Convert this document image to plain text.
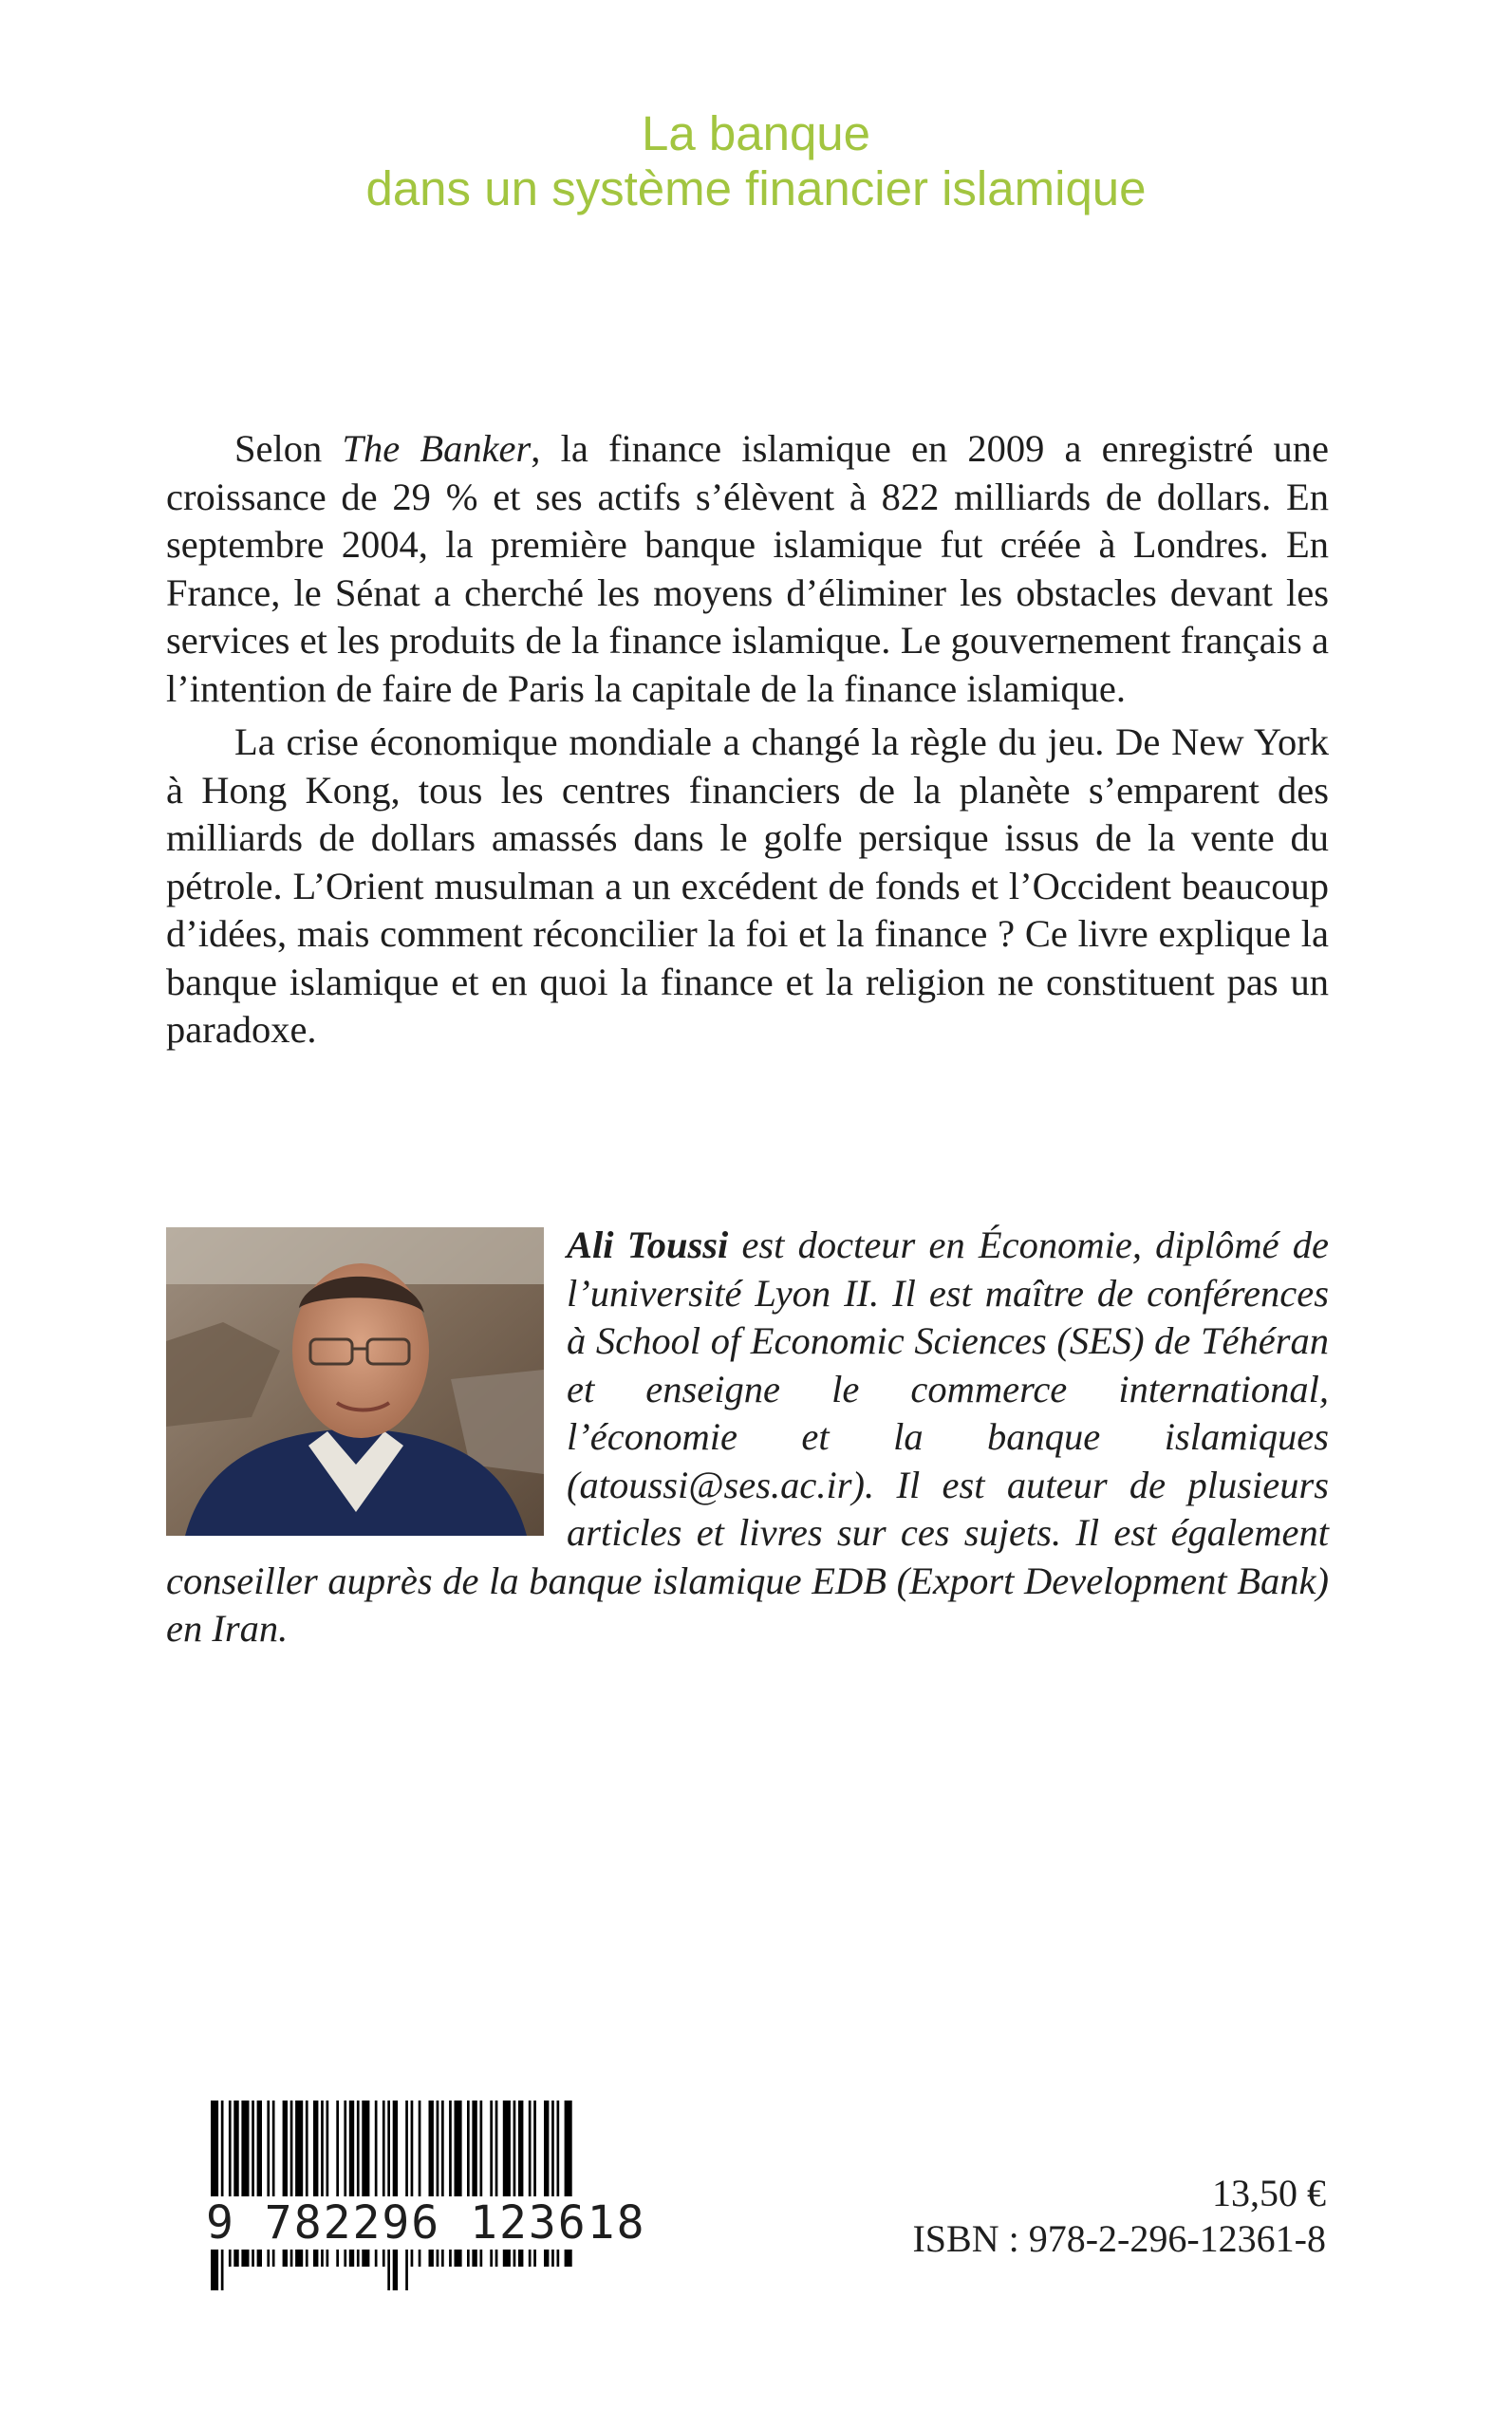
La banque
dans un système financier islamique

Selon The Banker, la finance islamique en 2009 a enregistré une croissance de 29 % et ses actifs s’élèvent à 822 milliards de dollars. En septembre 2004, la première banque islamique fut créée à Londres. En France, le Sénat a cherché les moyens d’éliminer les obstacles devant les services et les produits de la finance islamique. Le gouvernement français a l’intention de faire de Paris la capitale de la finance islamique.

La crise économique mondiale a changé la règle du jeu. De New York à Hong Kong, tous les centres financiers de la planète s’emparent des milliards de dollars amassés dans le golfe persique issus de la vente du pétrole. L’Orient musulman a un excédent de fonds et l’Occident beaucoup d’idées, mais comment réconcilier la foi et la finance ? Ce livre explique la banque islamique et en quoi la finance et la religion ne constituent pas un paradoxe.

Ali Toussi est docteur en Économie, diplômé de l’université Lyon II. Il est maître de conférences à School of Economic Sciences (SES) de Téhéran et enseigne le commerce international, l’économie et la banque islamiques (atoussi@ses.ac.ir). Il est auteur de plusieurs articles et livres sur ces sujets. Il est également conseiller auprès de la banque islamique EDB (Export Development Bank) en Iran.
9 782296 123618
13,50 €
ISBN : 978-2-296-12361-8
